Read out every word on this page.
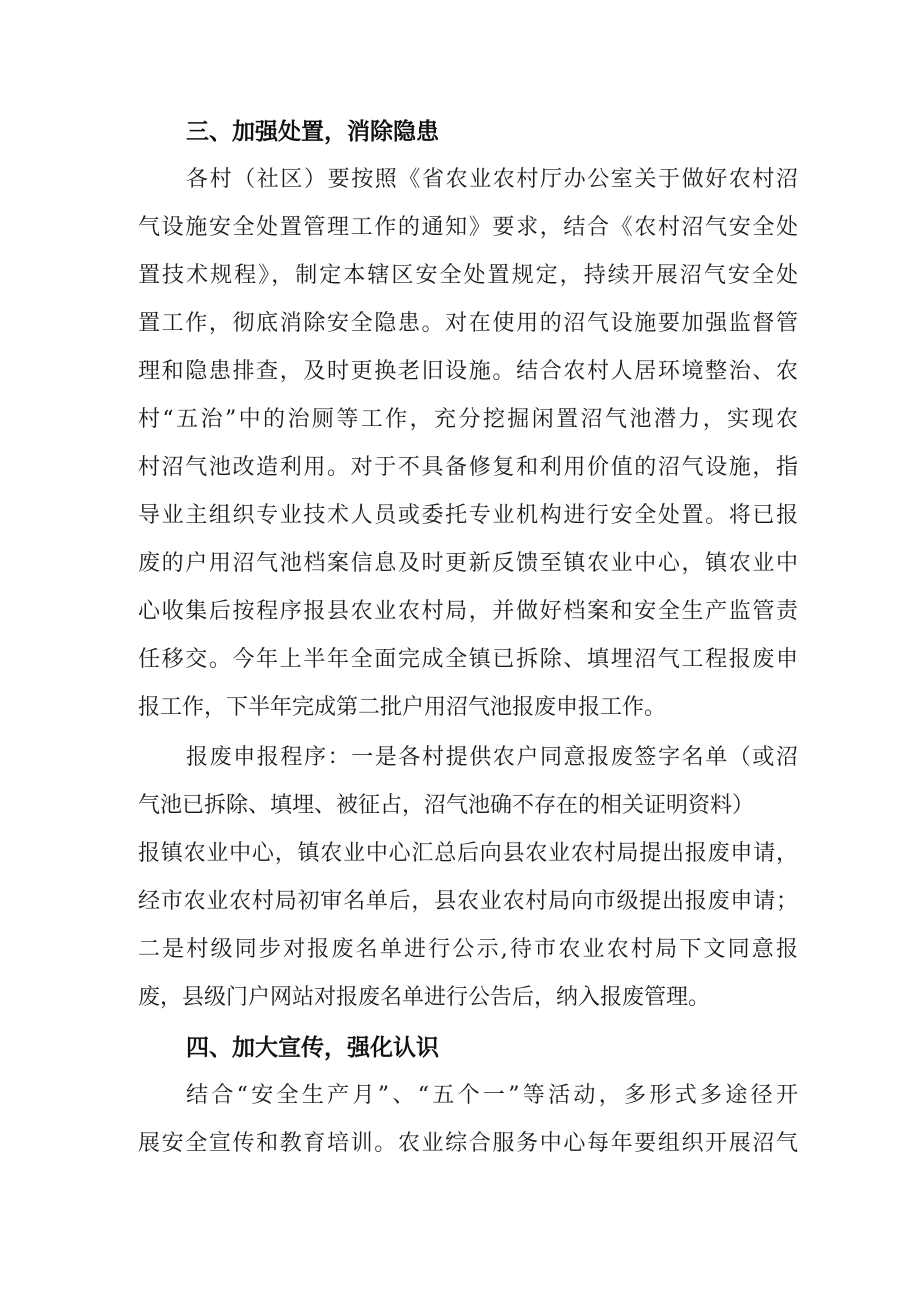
三、加强处置，消除隐患
各村（社区）要按照《省农业农村厅办公室关于做好农村沼
气设施安全处置管理工作的通知》要求，结合《农村沼气安全处
置技术规程》，制定本辖区安全处置规定，持续开展沼气安全处
置工作，彻底消除安全隐患。对在使用的沼气设施要加强监督管
理和隐患排查，及时更换老旧设施。结合农村人居环境整治、农
村“五治”中的治厕等工作，充分挖掘闲置沼气池潜力，实现农
村沼气池改造利用。对于不具备修复和利用价值的沼气设施，指
导业主组织专业技术人员或委托专业机构进行安全处置。将已报
废的户用沼气池档案信息及时更新反馈至镇农业中心，镇农业中
心收集后按程序报县农业农村局，并做好档案和安全生产监管责
任移交。今年上半年全面完成全镇已拆除、填埋沼气工程报废申
报工作，下半年完成第二批户用沼气池报废申报工作。
报废申报程序：一是各村提供农户同意报废签字名单（或沼
气池已拆除、填埋、被征占，沼气池确不存在的相关证明资料）
报镇农业中心，镇农业中心汇总后向县农业农村局提出报废申请，
经市农业农村局初审名单后，县农业农村局向市级提出报废申请；
二是村级同步对报废名单进行公示,待市农业农村局下文同意报
废，县级门户网站对报废名单进行公告后，纳入报废管理。
四、加大宣传，强化认识
结合“安全生产月”、“五个一”等活动，多形式多途径开
展安全宣传和教育培训。农业综合服务中心每年要组织开展沼气
